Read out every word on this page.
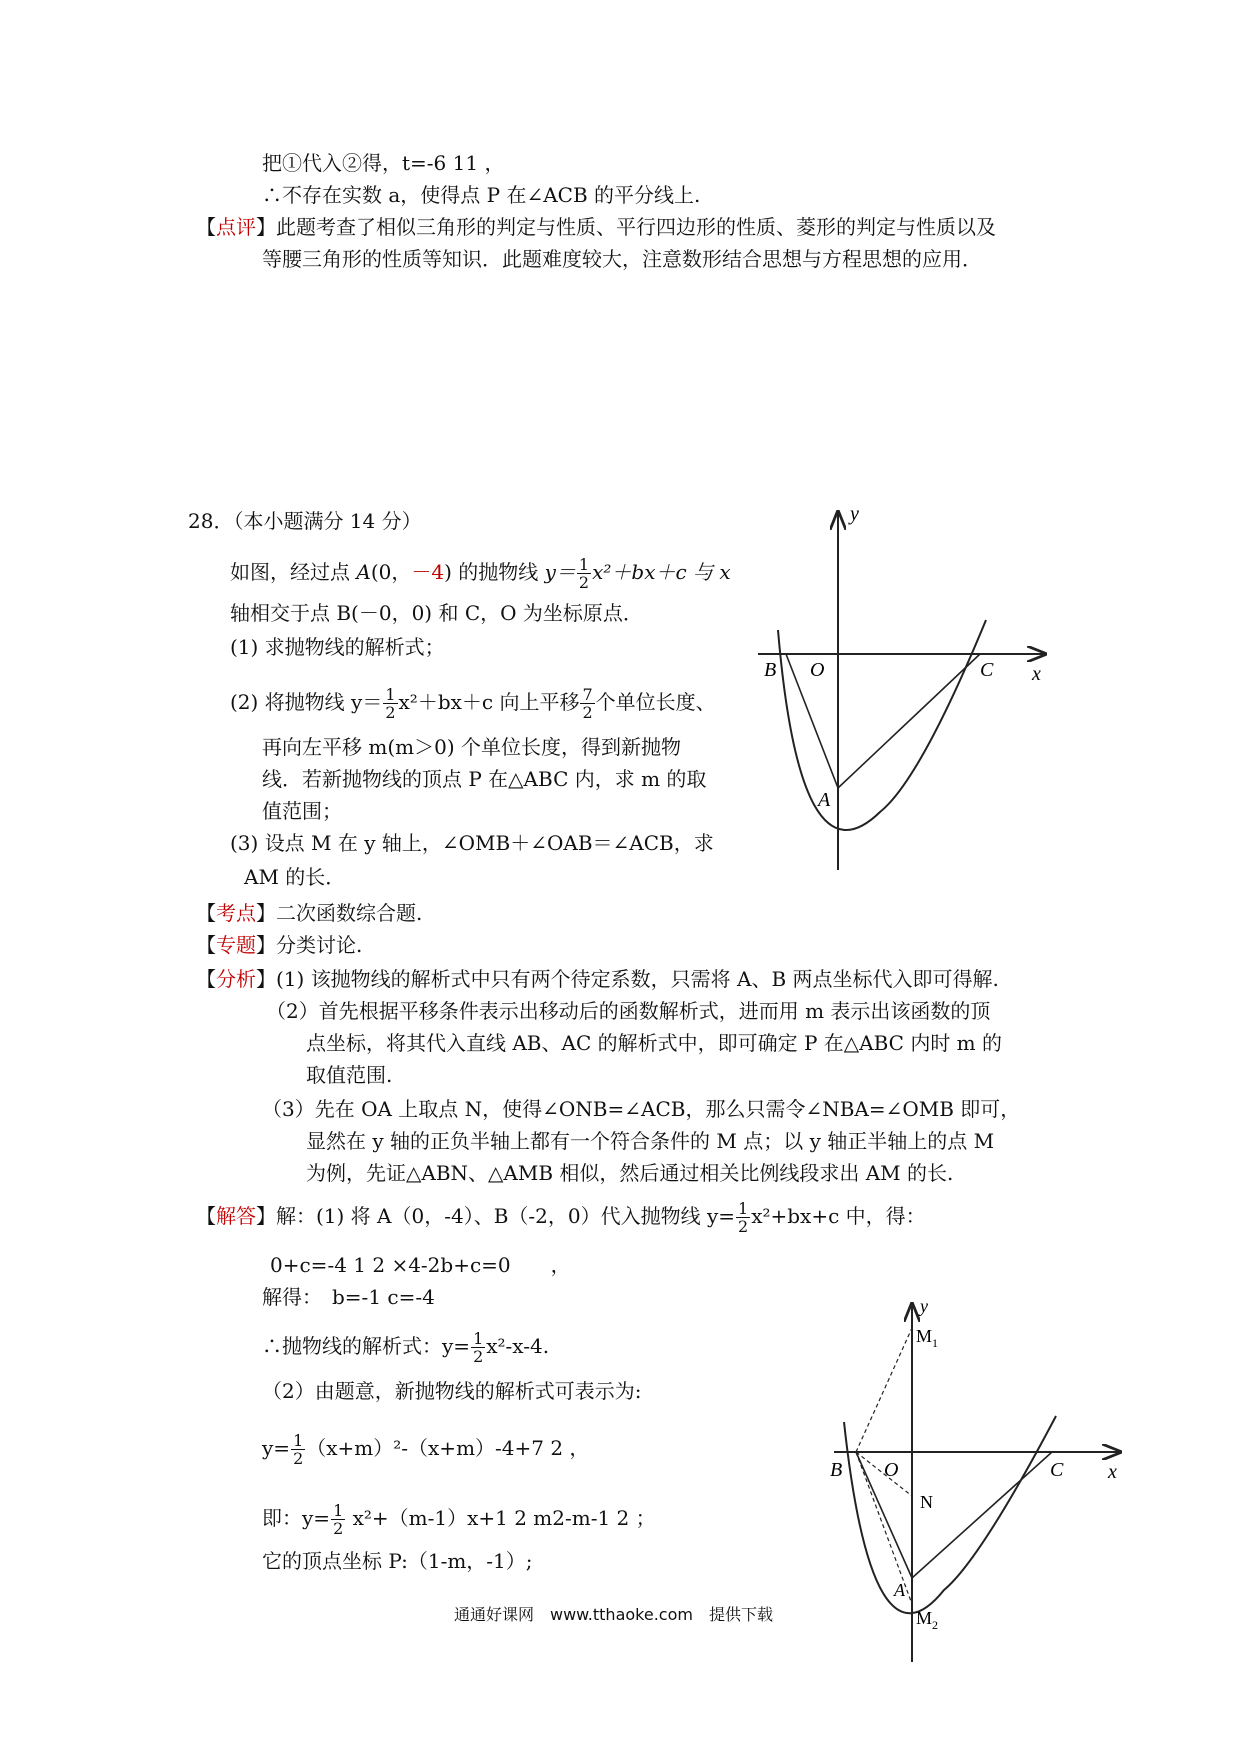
把①代入②得，t=-6 11 ，
∴不存在实数 a，使得点 P 在∠ACB 的平分线上.
【点评】此题考查了相似三角形的判定与性质、平行四边形的性质、菱形的判定与性质以及
等腰三角形的性质等知识．此题难度较大，注意数形结合思想与方程思想的应用．
28．（本小题满分 14 分）
如图，经过点 A(0，－4) 的抛物线 $y= \frac{1}{2} x^2+bx+c$ 与 x
轴相交于点 B(－0，0) 和 C，O 为坐标原点．
(1) 求抛物线的解析式；
(2) 将抛物线 $y= \frac{1}{2} x^2+bx+c$ 向上平移 $\frac{7}{2}$ 个单位长度、
再向左平移 m(m＞0) 个单位长度，得到新抛物
线．若新抛物线的顶点 P 在△ABC 内，求 m 的取
值范围；
(3) 设点 M 在 y 轴上，∠OMB＋∠OAB＝∠ACB，求
AM 的长．
y
x
B O	C
A
【考点】二次函数综合题.
【专题】分类讨论.
【分析】(1) 该抛物线的解析式中只有两个待定系数，只需将 A、B 两点坐标代入即可得解.
（2）首先根据平移条件表示出移动后的函数解析式，进而用 m 表示出该函数的顶
点坐标，将其代入直线 AB、AC 的解析式中，即可确定 P 在△ABC 内时 m 的
取值范围.
（3）先在 OA 上取点 N，使得∠ONB=∠ACB，那么只需令∠NBA=∠OMB 即可，
显然在 y 轴的正负半轴上都有一个符合条件的 M 点；以 y 轴正半轴上的点 M
为例，先证△ABN、△AMB 相似，然后通过相关比例线段求出 AM 的长.
【解答】解：(1) 将 A（0，-4）、B（-2，0）代入抛物线 $y= \frac{1}{2} x^2+bx+c$ 中，得：
0+c=-4 1 2 ×4-2b+c=0　　，
解得：　b=-1 c=-4
∴抛物线的解析式：$y= \frac{1}{2} x^2-x-4$.
（2）由题意，新抛物线的解析式可表示为:
$y= \frac{1}{2} (x+m)^2-(x+m)-4+7$ 2 ，
即：$y= \frac{1}{2} x^2+(m-1)x+1$ 2 m2-m-1 2 ；
它的顶点坐标 P:（1-m，-1）;
y
$M_1$
x
B O	C
N
A
$M_2$
通通好课网　www.tthaoke.com　提供下载
